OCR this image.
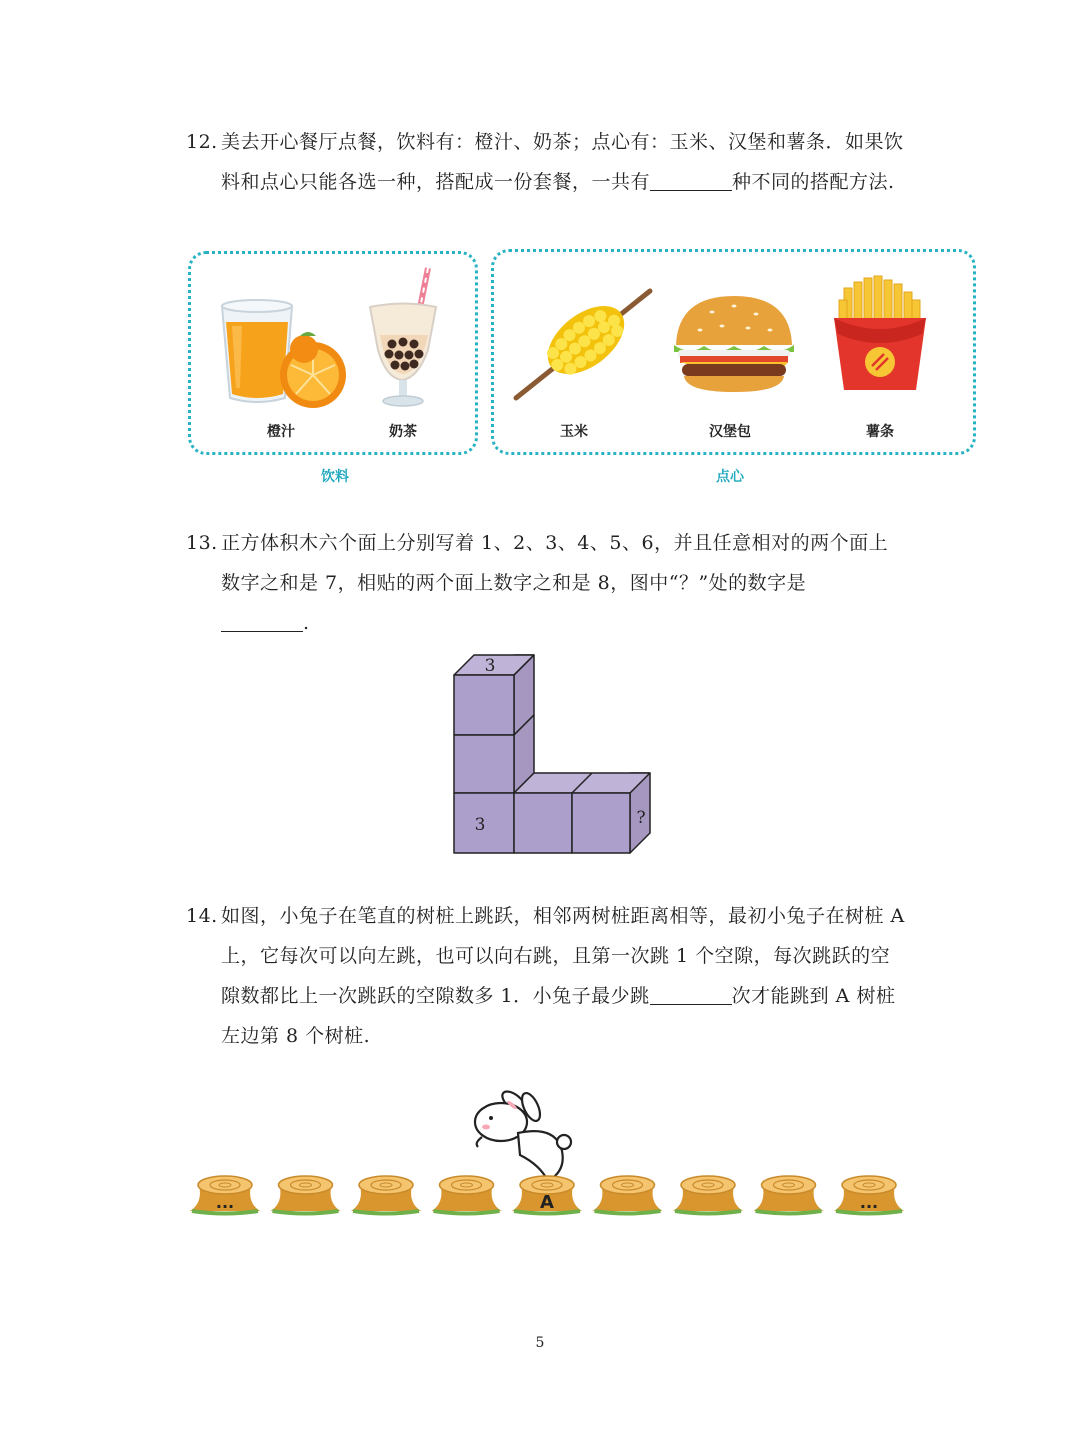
12. 美去开心餐厅点餐，饮料有：橙汁、奶茶；点心有：玉米、汉堡和薯条．如果饮料和点心只能各选一种，搭配成一份套餐，一共有	种不同的搭配方法.
橙汁	奶茶	玉米	汉堡包	薯条
饮料	点心
13. 正方体积木六个面上分别写着 1、2、3、4、5、6，并且任意相对的两个面上数字之和是 7，相贴的两个面上数字之和是 8，图中“？”处的数字是
.
3
3	?
14. 如图，小兔子在笔直的树桩上跳跃，相邻两树桩距离相等，最初小兔子在树桩 A 上，它每次可以向左跳，也可以向右跳，且第一次跳 1 个空隙，每次跳跃的空隙数都比上一次跳跃的空隙数多 1．小兔子最少跳	次才能跳到 A 树桩左边第 8 个树桩.
...	A	...
5
